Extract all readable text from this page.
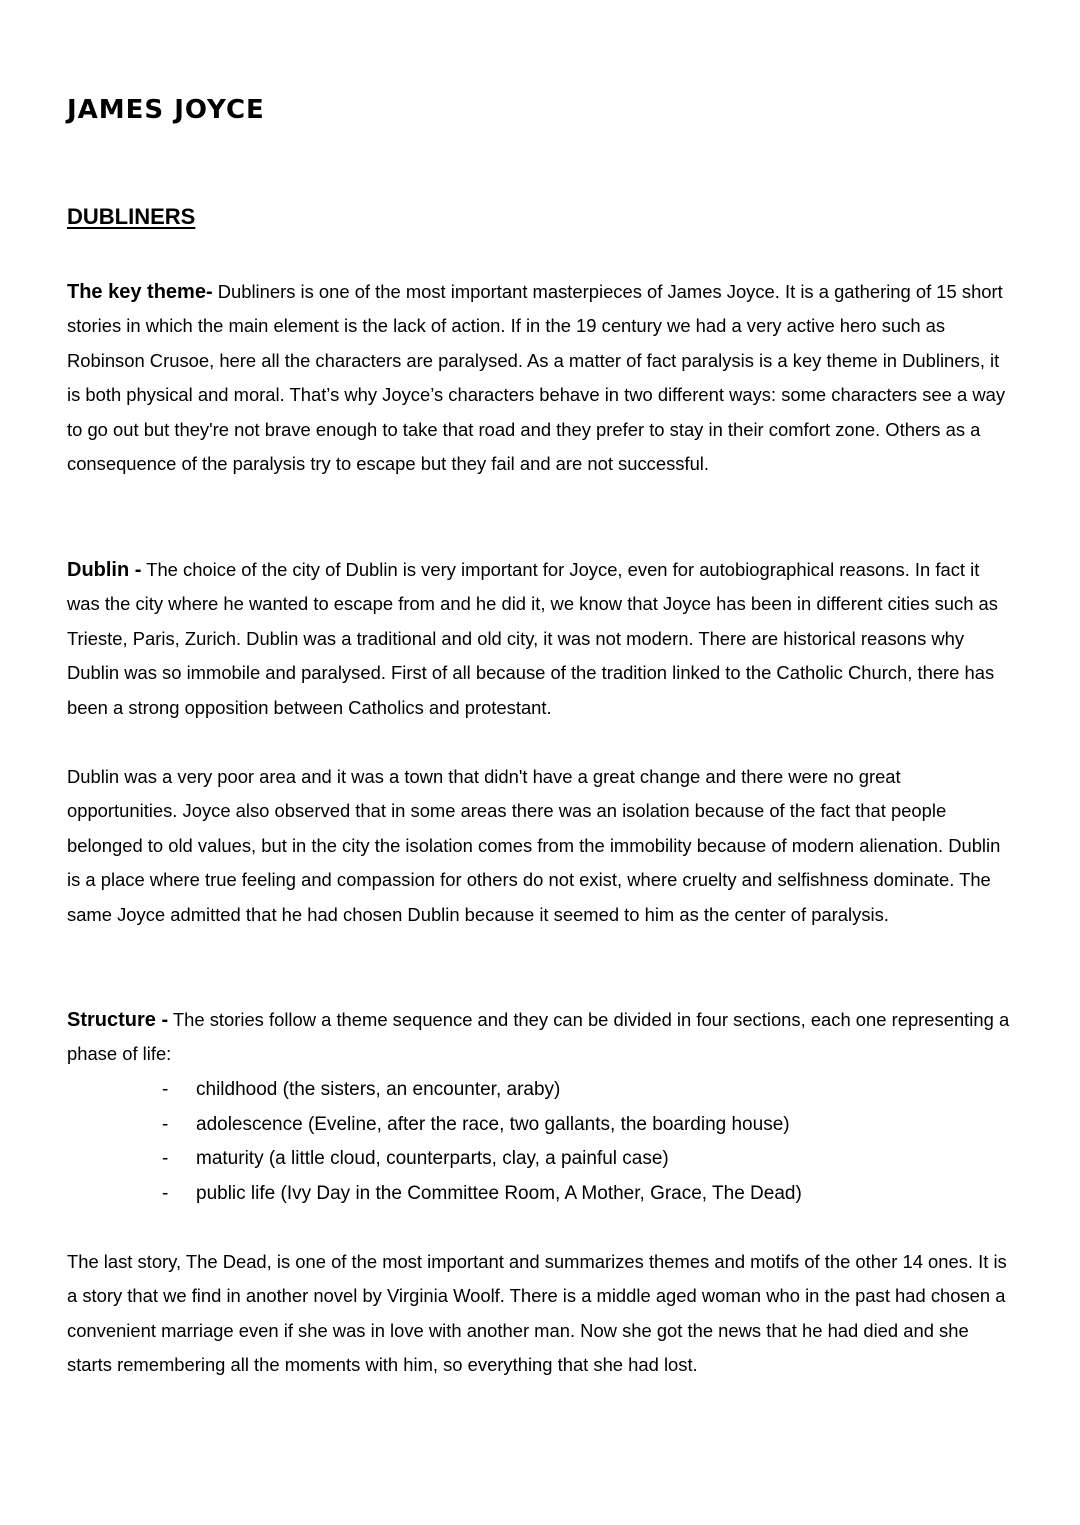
JAMES JOYCE
DUBLINERS

The key theme- Dubliners is one of the most important masterpieces of James Joyce. It is a gathering of 15 short stories in which the main element is the lack of action. If in the 19 century we had a very active hero such as Robinson Crusoe, here all the characters are paralysed. As a matter of fact paralysis is a key theme in Dubliners, it is both physical and moral. That’s why Joyce’s characters behave in two different ways: some characters see a way to go out but they're not brave enough to take that road and they prefer to stay in their comfort zone. Others as a consequence of the paralysis try to escape but they fail and are not successful.

Dublin - The choice of the city of Dublin is very important for Joyce, even for autobiographical reasons. In fact it was the city where he wanted to escape from and he did it, we know that Joyce has been in different cities such as Trieste, Paris, Zurich. Dublin was a traditional and old city, it was not modern. There are historical reasons why Dublin was so immobile and paralysed. First of all because of the tradition linked to the Catholic Church, there has been a strong opposition between Catholics and protestant.

Dublin was a very poor area and it was a town that didn't have a great change and there were no great opportunities. Joyce also observed that in some areas there was an isolation because of the fact that people belonged to old values, but in the city the isolation comes from the immobility because of modern alienation. Dublin is a place where true feeling and compassion for others do not exist, where cruelty and selfishness dominate. The same Joyce admitted that he had chosen Dublin because it seemed to him as the center of paralysis.

Structure - The stories follow a theme sequence and they can be divided in four sections, each one representing a phase of life:

- childhood (the sisters, an encounter, araby)
- adolescence (Eveline, after the race, two gallants, the boarding house)
- maturity (a little cloud, counterparts, clay, a painful case)
- public life (Ivy Day in the Committee Room, A Mother, Grace, The Dead)

The last story, The Dead, is one of the most important and summarizes themes and motifs of the other 14 ones. It is a story that we find in another novel by Virginia Woolf. There is a middle aged woman who in the past had chosen a convenient marriage even if she was in love with another man. Now she got the news that he had died and she starts remembering all the moments with him, so everything that she had lost.
